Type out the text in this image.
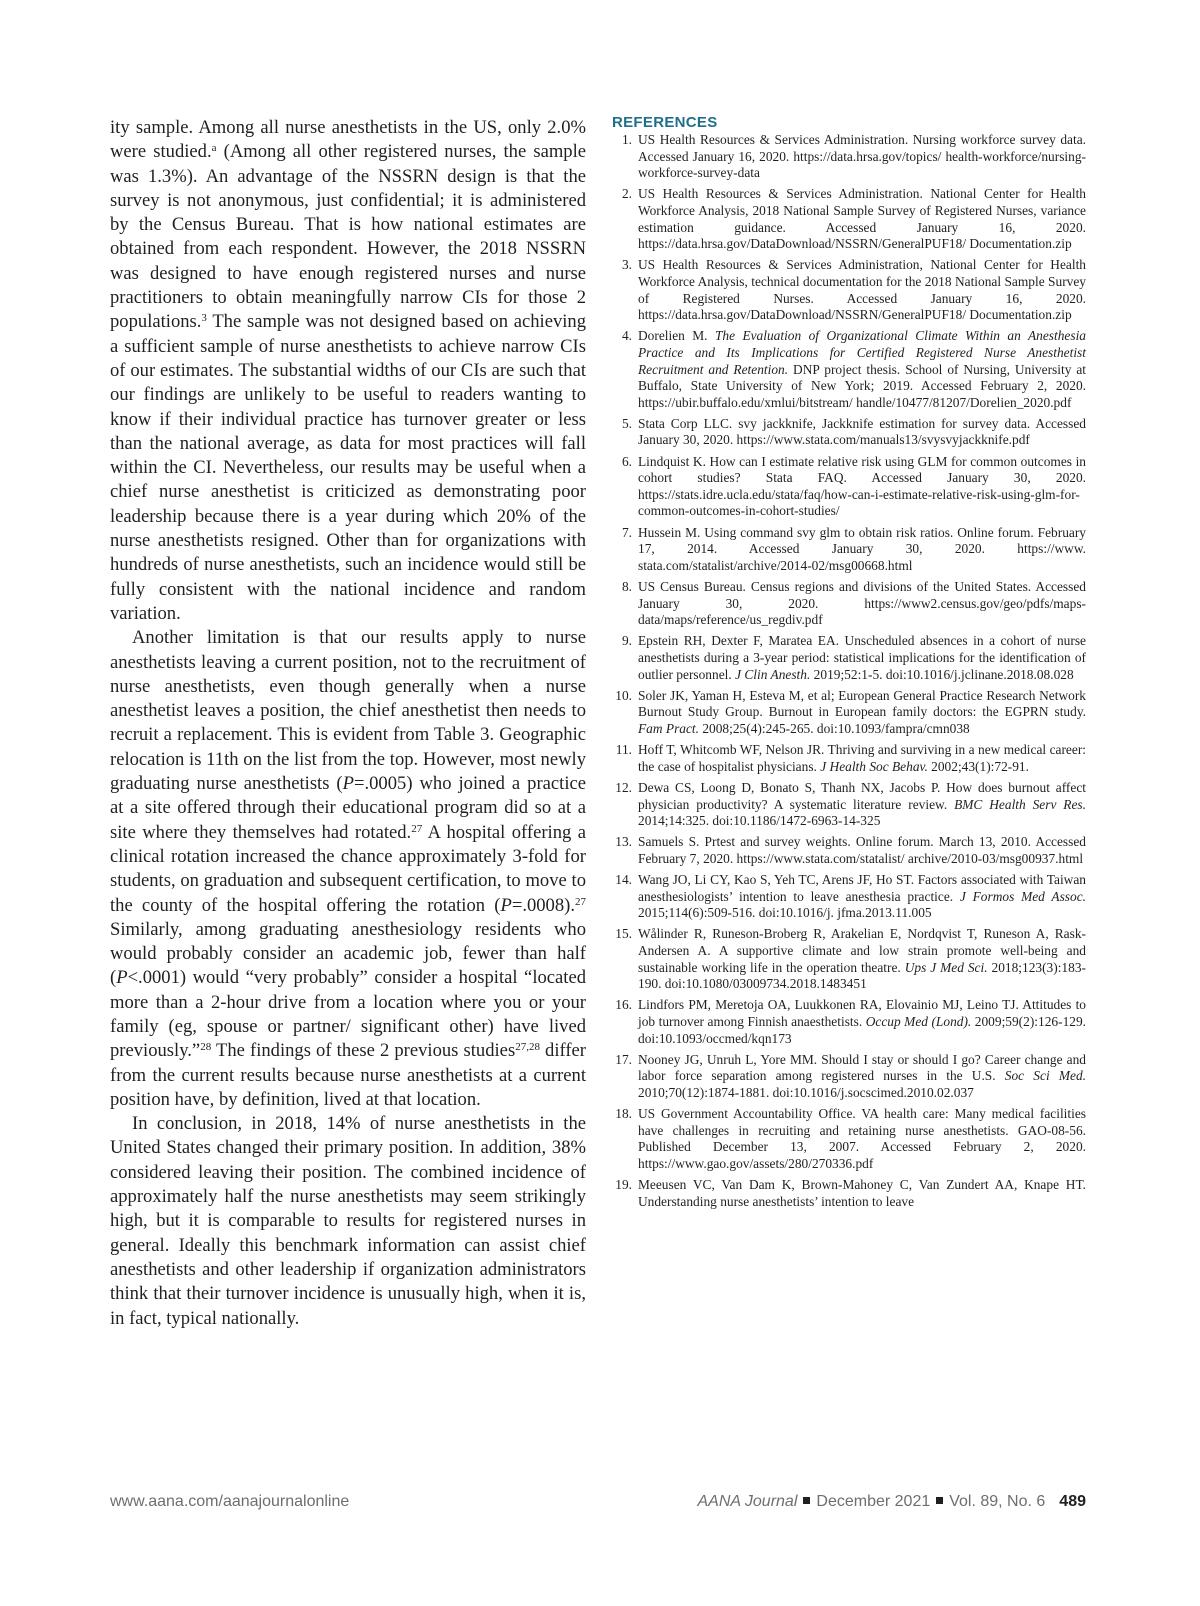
ity sample. Among all nurse anesthetists in the US, only 2.0% were studied.$^a$ (Among all other registered nurses, the sample was 1.3%). An advantage of the NSSRN design is that the survey is not anonymous, just confidential; it is administered by the Census Bureau. That is how national estimates are obtained from each respondent. However, the 2018 NSSRN was designed to have enough registered nurses and nurse practitioners to obtain meaningfully narrow CIs for those 2 populations.$^3$ The sample was not designed based on achieving a sufficient sample of nurse anesthetists to achieve narrow CIs of our estimates. The substantial widths of our CIs are such that our findings are unlikely to be useful to readers wanting to know if their individual practice has turnover greater or less than the national average, as data for most practices will fall within the CI. Nevertheless, our results may be useful when a chief nurse anesthetist is criticized as demonstrating poor leadership because there is a year during which 20% of the nurse anesthetists resigned. Other than for organizations with hundreds of nurse anesthetists, such an incidence would still be fully consistent with the national incidence and random variation.

Another limitation is that our results apply to nurse anesthetists leaving a current position, not to the recruitment of nurse anesthetists, even though generally when a nurse anesthetist leaves a position, the chief anesthetist then needs to recruit a replacement. This is evident from Table 3. Geographic relocation is 11th on the list from the top. However, most newly graduating nurse anesthetists (P=.0005) who joined a practice at a site offered through their educational program did so at a site where they themselves had rotated.$^{27}$ A hospital offering a clinical rotation increased the chance approximately 3-fold for students, on graduation and subsequent certification, to move to the county of the hospital offering the rotation (P=.0008).$^{27}$ Similarly, among graduating anesthesiology residents who would probably consider an academic job, fewer than half (P<.0001) would “very probably” consider a hospital “located more than a 2-hour drive from a location where you or your family (eg, spouse or partner/ significant other) have lived previously.”$^{28}$ The findings of these 2 previous studies$^{27,28}$ differ from the current results because nurse anesthetists at a current position have, by definition, lived at that location.

In conclusion, in 2018, 14% of nurse anesthetists in the United States changed their primary position. In addition, 38% considered leaving their position. The combined incidence of approximately half the nurse anesthetists may seem strikingly high, but it is comparable to results for registered nurses in general. Ideally this benchmark information can assist chief anesthetists and other leadership if organization administrators think that their turnover incidence is unusually high, when it is, in fact, typical nationally.

REFERENCES
1. US Health Resources & Services Administration. Nursing workforce survey data. Accessed January 16, 2020. https://data.hrsa.gov/topics/ health-workforce/nursing-workforce-survey-data
2. US Health Resources & Services Administration. National Center for Health Workforce Analysis, 2018 National Sample Survey of Registered Nurses, variance estimation guidance. Accessed January 16, 2020. https://data.hrsa.gov/DataDownload/NSSRN/GeneralPUF18/ Documentation.zip
3. US Health Resources & Services Administration, National Center for Health Workforce Analysis, technical documentation for the 2018 National Sample Survey of Registered Nurses. Accessed January 16, 2020. https://data.hrsa.gov/DataDownload/NSSRN/GeneralPUF18/ Documentation.zip
4. Dorelien M. The Evaluation of Organizational Climate Within an Anesthesia Practice and Its Implications for Certified Registered Nurse Anesthetist Recruitment and Retention. DNP project thesis. School of Nursing, University at Buffalo, State University of New York; 2019. Accessed February 2, 2020. https://ubir.buffalo.edu/xmlui/bitstream/ handle/10477/81207/Dorelien_2020.pdf
5. Stata Corp LLC. svy jackknife, Jackknife estimation for survey data. Accessed January 30, 2020. https://www.stata.com/manuals13/svysvyjackknife.pdf
6. Lindquist K. How can I estimate relative risk using GLM for common outcomes in cohort studies? Stata FAQ. Accessed January 30, 2020. https://stats.idre.ucla.edu/stata/faq/how-can-i-estimate-relative-risk-using-glm-for-common-outcomes-in-cohort-studies/
7. Hussein M. Using command svy glm to obtain risk ratios. Online forum. February 17, 2014. Accessed January 30, 2020. https://www. stata.com/statalist/archive/2014-02/msg00668.html
8. US Census Bureau. Census regions and divisions of the United States. Accessed January 30, 2020. https://www2.census.gov/geo/pdfs/maps-data/maps/reference/us_regdiv.pdf
9. Epstein RH, Dexter F, Maratea EA. Unscheduled absences in a cohort of nurse anesthetists during a 3-year period: statistical implications for the identification of outlier personnel. J Clin Anesth. 2019;52:1-5. doi:10.1016/j.jclinane.2018.08.028
10. Soler JK, Yaman H, Esteva M, et al; European General Practice Research Network Burnout Study Group. Burnout in European family doctors: the EGPRN study. Fam Pract. 2008;25(4):245-265. doi:10.1093/fampra/cmn038
11. Hoff T, Whitcomb WF, Nelson JR. Thriving and surviving in a new medical career: the case of hospitalist physicians. J Health Soc Behav. 2002;43(1):72-91.
12. Dewa CS, Loong D, Bonato S, Thanh NX, Jacobs P. How does burnout affect physician productivity? A systematic literature review. BMC Health Serv Res. 2014;14:325. doi:10.1186/1472-6963-14-325
13. Samuels S. Prtest and survey weights. Online forum. March 13, 2010. Accessed February 7, 2020. https://www.stata.com/statalist/ archive/2010-03/msg00937.html
14. Wang JO, Li CY, Kao S, Yeh TC, Arens JF, Ho ST. Factors associated with Taiwan anesthesiologists’ intention to leave anesthesia practice. J Formos Med Assoc. 2015;114(6):509-516. doi:10.1016/j. jfma.2013.11.005
15. Wålinder R, Runeson-Broberg R, Arakelian E, Nordqvist T, Runeson A, Rask-Andersen A. A supportive climate and low strain promote well-being and sustainable working life in the operation theatre. Ups J Med Sci. 2018;123(3):183-190. doi:10.1080/03009734.2018.1483451
16. Lindfors PM, Meretoja OA, Luukkonen RA, Elovainio MJ, Leino TJ. Attitudes to job turnover among Finnish anaesthetists. Occup Med (Lond). 2009;59(2):126-129. doi:10.1093/occmed/kqn173
17. Nooney JG, Unruh L, Yore MM. Should I stay or should I go? Career change and labor force separation among registered nurses in the U.S. Soc Sci Med. 2010;70(12):1874-1881. doi:10.1016/j.socscimed.2010.02.037
18. US Government Accountability Office. VA health care: Many medical facilities have challenges in recruiting and retaining nurse anesthetists. GAO-08-56. Published December 13, 2007. Accessed February 2, 2020. https://www.gao.gov/assets/280/270336.pdf
19. Meeusen VC, Van Dam K, Brown-Mahoney C, Van Zundert AA, Knape HT. Understanding nurse anesthetists’ intention to leave
www.aana.com/aanajournalonline	AANA Journal December 2021 Vol. 89, No. 6 489
